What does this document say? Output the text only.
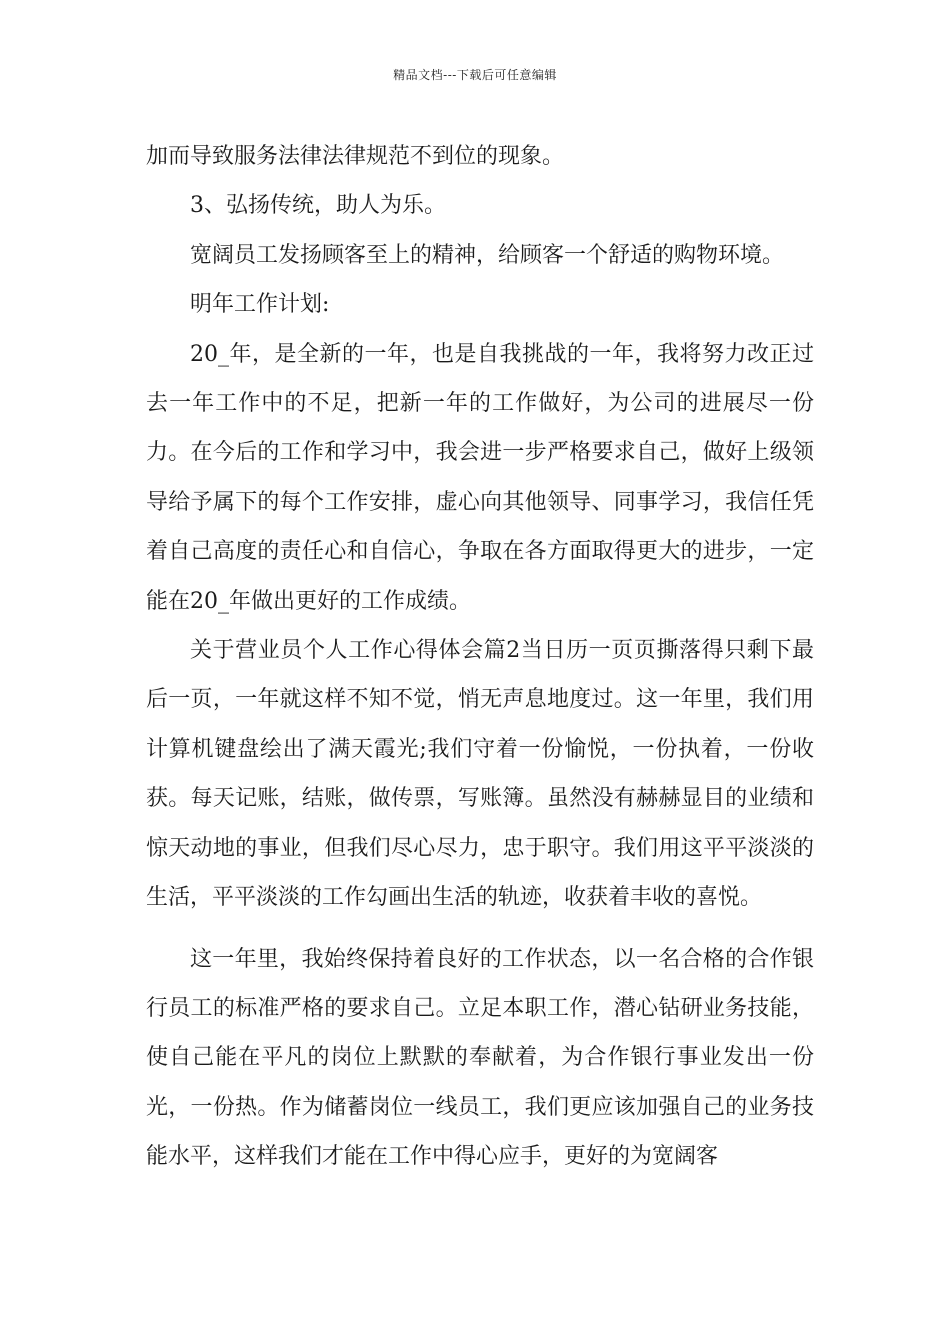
精品文档---下载后可任意编辑

加而导致服务法律法律规范不到位的现象。

3、弘扬传统，助人为乐。

宽阔员工发扬顾客至上的精神，给顾客一个舒适的购物环境。

明年工作计划:

20_年，是全新的一年，也是自我挑战的一年，我将努力改正过去一年工作中的不足，把新一年的工作做好，为公司的进展尽一份力。在今后的工作和学习中，我会进一步严格要求自己，做好上级领导给予属下的每个工作安排，虚心向其他领导、同事学习，我信任凭着自己高度的责任心和自信心，争取在各方面取得更大的进步，一定能在20_年做出更好的工作成绩。

关于营业员个人工作心得体会篇2当日历一页页撕落得只剩下最后一页，一年就这样不知不觉，悄无声息地度过。这一年里，我们用计算机键盘绘出了满天霞光;我们守着一份愉悦，一份执着，一份收获。每天记账，结账，做传票，写账簿。虽然没有赫赫显目的业绩和惊天动地的事业，但我们尽心尽力，忠于职守。我们用这平平淡淡的生活，平平淡淡的工作勾画出生活的轨迹，收获着丰收的喜悦。

这一年里，我始终保持着良好的工作状态，以一名合格的合作银行员工的标准严格的要求自己。立足本职工作，潜心钻研业务技能，使自己能在平凡的岗位上默默的奉献着，为合作银行事业发出一份光，一份热。作为储蓄岗位一线员工，我们更应该加强自己的业务技能水平，这样我们才能在工作中得心应手，更好的为宽阔客
